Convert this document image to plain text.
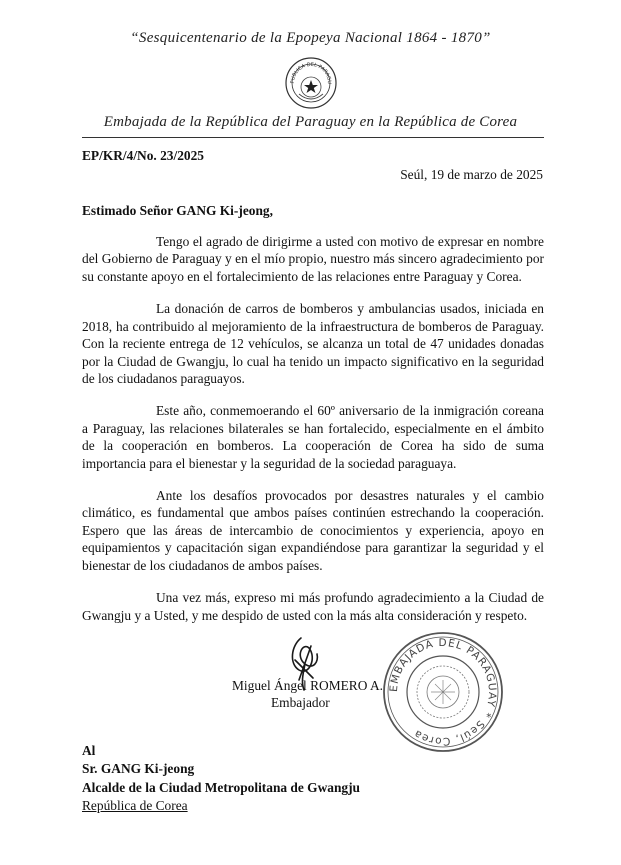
“Sesquicentenario de la Epopeya Nacional 1864 - 1870”
PUBLICA DEL PARAGU
Embajada de la República del Paraguay en la República de Corea
EP/KR/4/No. 23/2025
Seúl, 19 de marzo de 2025
Estimado Señor GANG Ki-jeong,

Tengo el agrado de dirigirme a usted con motivo de expresar en nombre del Gobierno de Paraguay y en el mío propio, nuestro más sincero agradecimiento por su constante apoyo en el fortalecimiento de las relaciones entre Paraguay y Corea.

La donación de carros de bomberos y ambulancias usados, iniciada en 2018, ha contribuido al mejoramiento de la infraestructura de bomberos de Paraguay. Con la reciente entrega de 12 vehículos, se alcanza un total de 47 unidades donadas por la Ciudad de Gwangju, lo cual ha tenido un impacto significativo en la seguridad de los ciudadanos paraguayos.

Este año, conmemoerando el 60º aniversario de la inmigración coreana a Paraguay, las relaciones bilaterales se han fortalecido, especialmente en el ámbito de la cooperación en bomberos. La cooperación de Corea ha sido de suma importancia para el bienestar y la seguridad de la sociedad paraguaya.

Ante los desafíos provocados por desastres naturales y el cambio climático, es fundamental que ambos países continúen estrechando la cooperación. Espero que las áreas de intercambio de conocimientos y experiencia, apoyo en equipamientos y capacitación sigan expandiéndose para garantizar la seguridad y el bienestar de los ciudadanos de ambos países.

Una vez más, expreso mi más profundo agradecimiento a la Ciudad de Gwangju y a Usted, y me despido de usted con la más alta consideración y respeto.

Miguel Ángel ROMERO A.
Embajador
EMBAJADA DEL PARAGUAY * Seúl, Corea
Al
Sr. GANG Ki-jeong
Alcalde de la Ciudad Metropolitana de Gwangju
República de Corea
